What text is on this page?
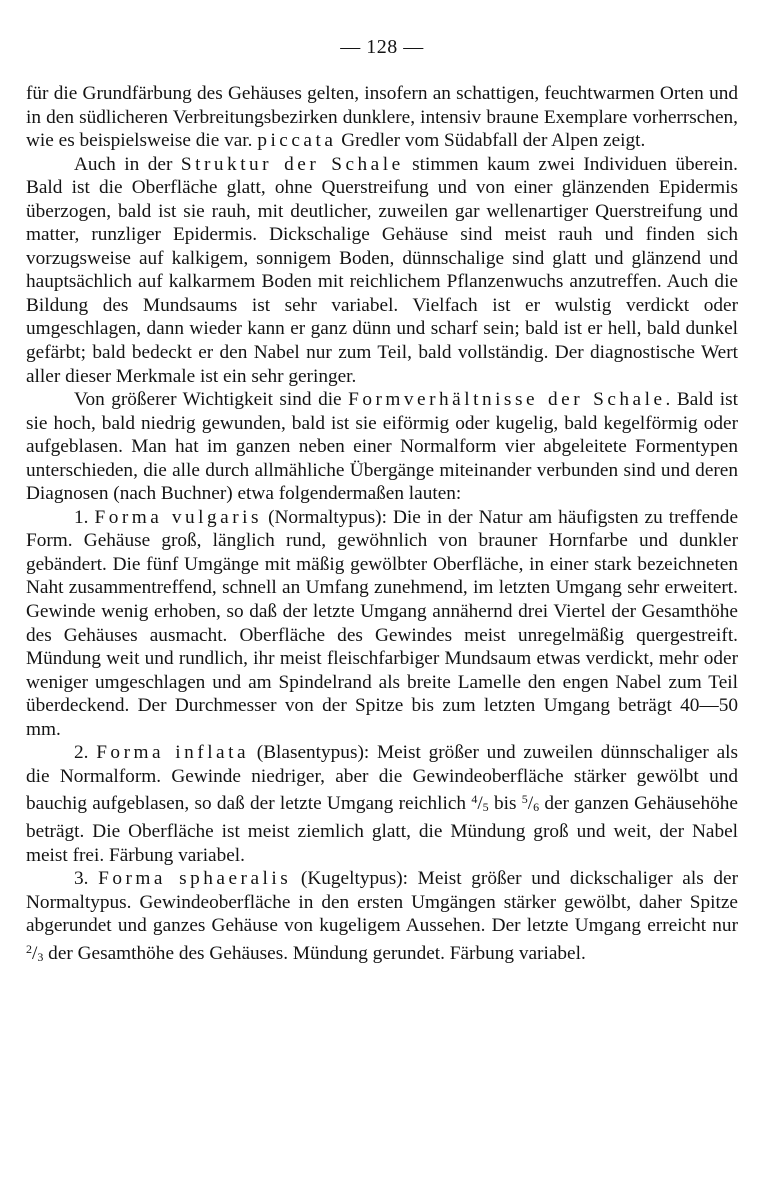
— 128 —

für die Grundfärbung des Gehäuses gelten, insofern an schattigen, feuchtwarmen Orten und in den südlicheren Verbreitungsbezirken dunklere, intensiv braune Exemplare vorherrschen, wie es beispielsweise die var. piccata Gredler vom Südabfall der Alpen zeigt.

Auch in der Struktur der Schale stimmen kaum zwei Individuen überein. Bald ist die Oberfläche glatt, ohne Querstreifung und von einer glänzenden Epidermis überzogen, bald ist sie rauh, mit deutlicher, zuweilen gar wellenartiger Querstreifung und matter, runzliger Epidermis. Dickschalige Gehäuse sind meist rauh und finden sich vorzugsweise auf kalkigem, sonnigem Boden, dünnschalige sind glatt und glänzend und hauptsächlich auf kalkarmem Boden mit reichlichem Pflanzenwuchs anzutreffen. Auch die Bildung des Mundsaums ist sehr variabel. Vielfach ist er wulstig verdickt oder umgeschlagen, dann wieder kann er ganz dünn und scharf sein; bald ist er hell, bald dunkel gefärbt; bald bedeckt er den Nabel nur zum Teil, bald vollständig. Der diagnostische Wert aller dieser Merkmale ist ein sehr geringer.

Von größerer Wichtigkeit sind die Formverhältnisse der Schale. Bald ist sie hoch, bald niedrig gewunden, bald ist sie eiförmig oder kugelig, bald kegelförmig oder aufgeblasen. Man hat im ganzen neben einer Normalform vier abgeleitete Formentypen unterschieden, die alle durch allmähliche Übergänge miteinander verbunden sind und deren Diagnosen (nach Buchner) etwa folgendermaßen lauten:

1. Forma vulgaris (Normaltypus): Die in der Natur am häufigsten zu treffende Form. Gehäuse groß, länglich rund, gewöhnlich von brauner Hornfarbe und dunkler gebändert. Die fünf Umgänge mit mäßig gewölbter Oberfläche, in einer stark bezeichneten Naht zusammentreffend, schnell an Umfang zunehmend, im letzten Umgang sehr erweitert. Gewinde wenig erhoben, so daß der letzte Umgang annähernd drei Viertel der Gesamthöhe des Gehäuses ausmacht. Oberfläche des Gewindes meist unregelmäßig quergestreift. Mündung weit und rundlich, ihr meist fleischfarbiger Mundsaum etwas verdickt, mehr oder weniger umgeschlagen und am Spindelrand als breite Lamelle den engen Nabel zum Teil überdeckend. Der Durchmesser von der Spitze bis zum letzten Umgang beträgt 40—50 mm.

2. Forma inflata (Blasentypus): Meist größer und zuweilen dünnschaliger als die Normalform. Gewinde niedriger, aber die Gewindeoberfläche stärker gewölbt und bauchig aufgeblasen, so daß der letzte Umgang reichlich $^4$/5 bis $^5$/6 der ganzen Gehäusehöhe beträgt. Die Oberfläche ist meist ziemlich glatt, die Mündung groß und weit, der Nabel meist frei. Färbung variabel.

3. Forma sphaeralis (Kugeltypus): Meist größer und dickschaliger als der Normaltypus. Gewindeoberfläche in den ersten Umgängen stärker gewölbt, daher Spitze abgerundet und ganzes Gehäuse von kugeligem Aussehen. Der letzte Umgang erreicht nur $^2$/3 der Gesamthöhe des Gehäuses. Mündung gerundet. Färbung variabel.
